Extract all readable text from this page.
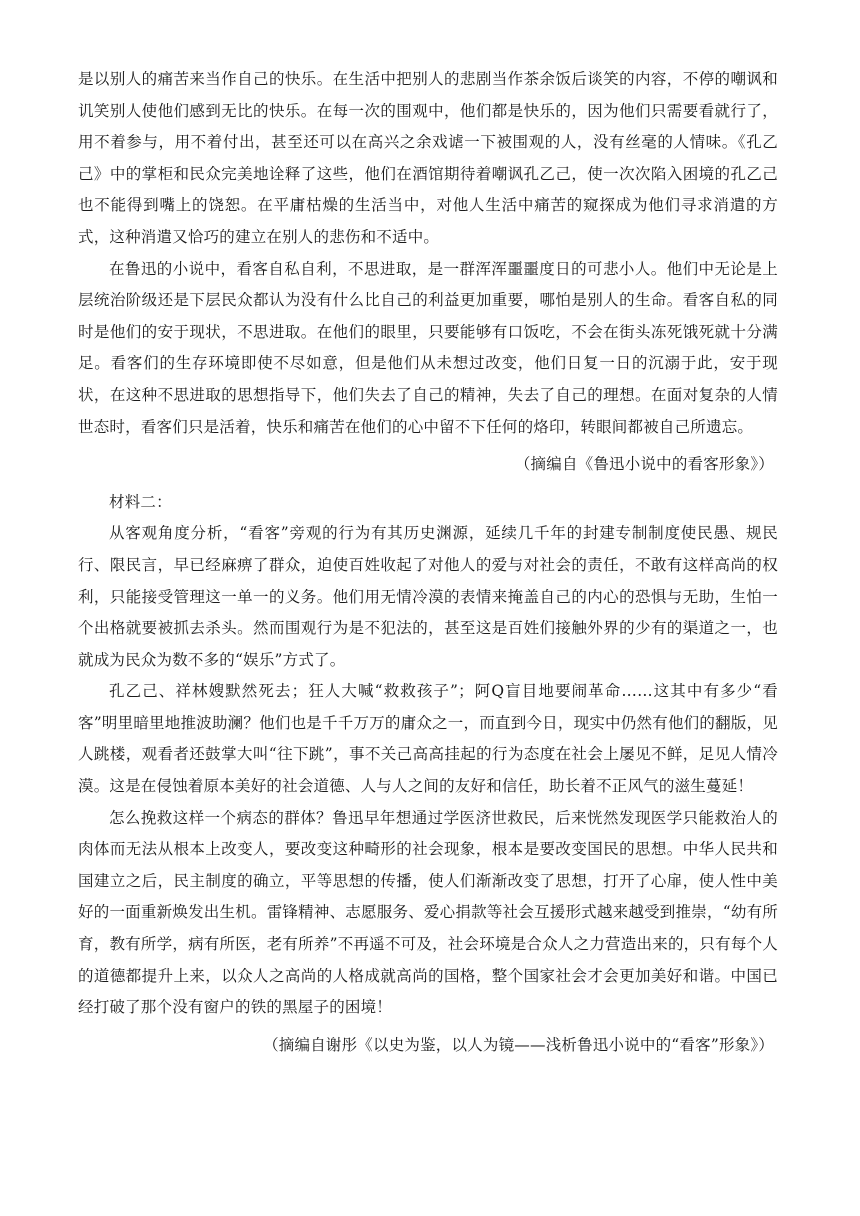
是以别人的痛苦来当作自己的快乐。在生活中把别人的悲剧当作茶余饭后谈笑的内容，不停的嘲讽和讥笑别人使他们感到无比的快乐。在每一次的围观中，他们都是快乐的，因为他们只需要看就行了，用不着参与，用不着付出，甚至还可以在高兴之余戏谑一下被围观的人，没有丝毫的人情味。《孔乙己》中的掌柜和民众完美地诠释了这些，他们在酒馆期待着嘲讽孔乙己，使一次次陷入困境的孔乙己也不能得到嘴上的饶恕。在平庸枯燥的生活当中，对他人生活中痛苦的窥探成为他们寻求消遣的方式，这种消遣又恰巧的建立在别人的悲伤和不适中。

在鲁迅的小说中，看客自私自利，不思进取，是一群浑浑噩噩度日的可悲小人。他们中无论是上层统治阶级还是下层民众都认为没有什么比自己的利益更加重要，哪怕是别人的生命。看客自私的同时是他们的安于现状，不思进取。在他们的眼里，只要能够有口饭吃，不会在街头冻死饿死就十分满足。看客们的生存环境即使不尽如意，但是他们从未想过改变，他们日复一日的沉溺于此，安于现状，在这种不思进取的思想指导下，他们失去了自己的精神，失去了自己的理想。在面对复杂的人情世态时，看客们只是活着，快乐和痛苦在他们的心中留不下任何的烙印，转眼间都被自己所遗忘。

（摘编自《鲁迅小说中的看客形象》）

材料二：

从客观角度分析，“看客”旁观的行为有其历史渊源，延续几千年的封建专制制度使民愚、规民行、限民言，早已经麻痹了群众，迫使百姓收起了对他人的爱与对社会的责任，不敢有这样高尚的权利，只能接受管理这一单一的义务。他们用无情冷漠的表情来掩盖自己的内心的恐惧与无助，生怕一个出格就要被抓去杀头。然而围观行为是不犯法的，甚至这是百姓们接触外界的少有的渠道之一，也就成为民众为数不多的“娱乐”方式了。

孔乙己、祥林嫂默然死去；狂人大喊“救救孩子”；阿Q盲目地要闹革命……这其中有多少“看客”明里暗里地推波助澜？他们也是千千万万的庸众之一，而直到今日，现实中仍然有他们的翻版，见人跳楼，观看者还鼓掌大叫“往下跳”，事不关己高高挂起的行为态度在社会上屡见不鲜，足见人情冷漠。这是在侵蚀着原本美好的社会道德、人与人之间的友好和信任，助长着不正风气的滋生蔓延！

怎么挽救这样一个病态的群体？鲁迅早年想通过学医济世救民，后来恍然发现医学只能救治人的肉体而无法从根本上改变人，要改变这种畸形的社会现象，根本是要改变国民的思想。中华人民共和国建立之后，民主制度的确立，平等思想的传播，使人们渐渐改变了思想，打开了心扉，使人性中美好的一面重新焕发出生机。雷锋精神、志愿服务、爱心捐款等社会互援形式越来越受到推崇，“幼有所育，教有所学，病有所医，老有所养”不再遥不可及，社会环境是合众人之力营造出来的，只有每个人的道德都提升上来，以众人之高尚的人格成就高尚的国格，整个国家社会才会更加美好和谐。中国已经打破了那个没有窗户的铁的黑屋子的困境！

（摘编自谢彤《以史为鉴，以人为镜——浅析鲁迅小说中的“看客”形象》）
